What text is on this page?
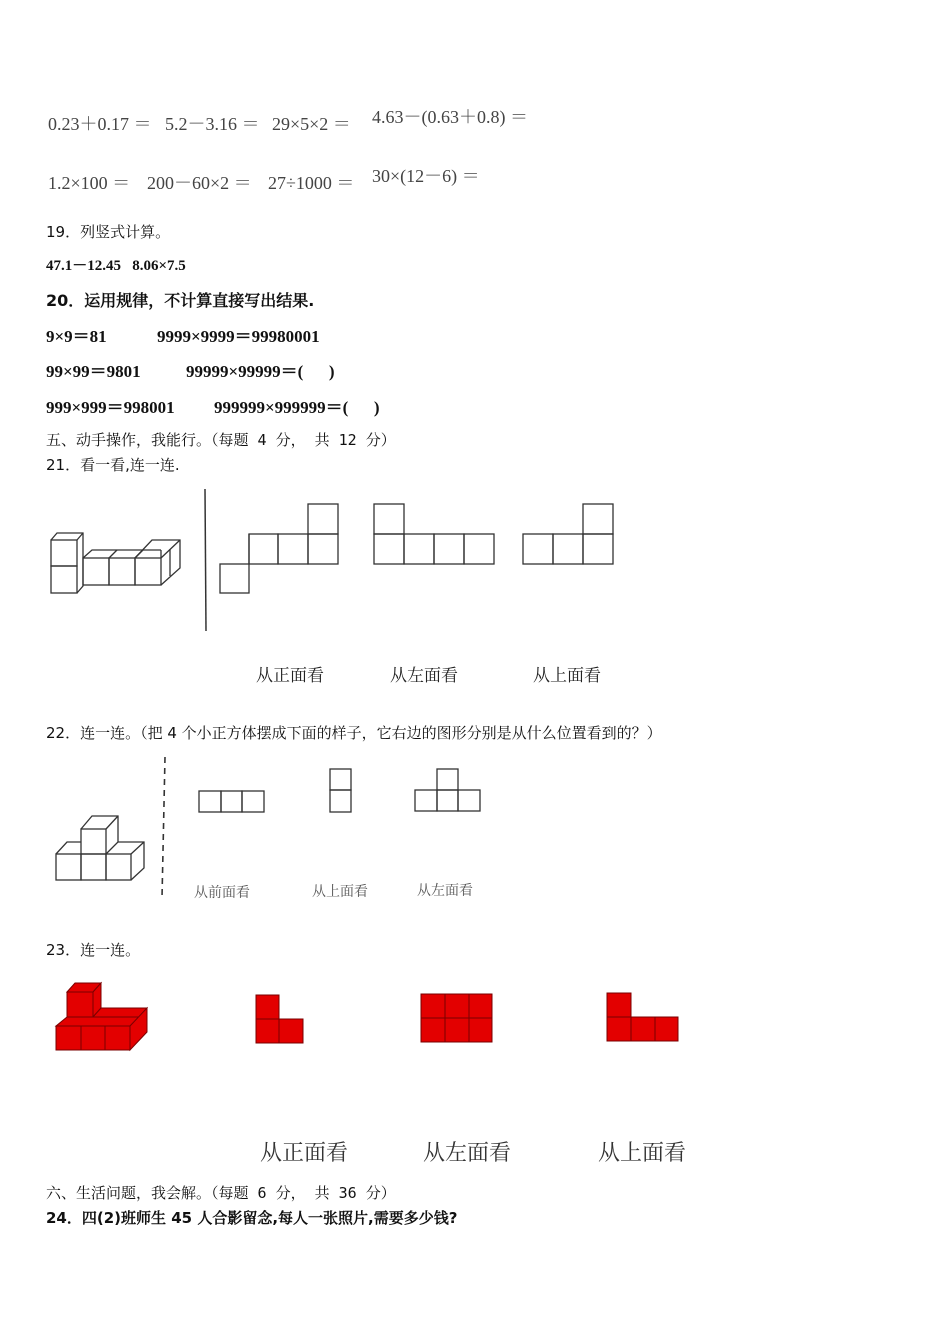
0.23＋0.17 ＝ 5.2－3.16 ＝ 29×5×2 ＝ 4.63－(0.63＋0.8) ＝
1.2×100 ＝ 200－60×2 ＝ 27÷1000 ＝ 30×(12－6) ＝
19．列竖式计算。
47.1－12.45   8.06×7.5
20．运用规律，不计算直接写出结果.
9×9＝81	9999×9999＝99980001
99×99＝9801	99999×99999＝(      )
999×999＝998001 999999×999999＝(      )
五、动手操作，我能行。（每题 4 分， 共 12 分）
21．看一看,连一连.
从正面看	从左面看	从上面看
22．连一连。（把 4 个小正方体摆成下面的样子，它右边的图形分别是从什么位置看到的？）
从前面看	从上面看	从左面看
23．连一连。
从正面看	从左面看	从上面看
六、生活问题，我会解。（每题 6 分， 共 36 分）
24．四(2)班师生 45 人合影留念,每人一张照片,需要多少钱?
